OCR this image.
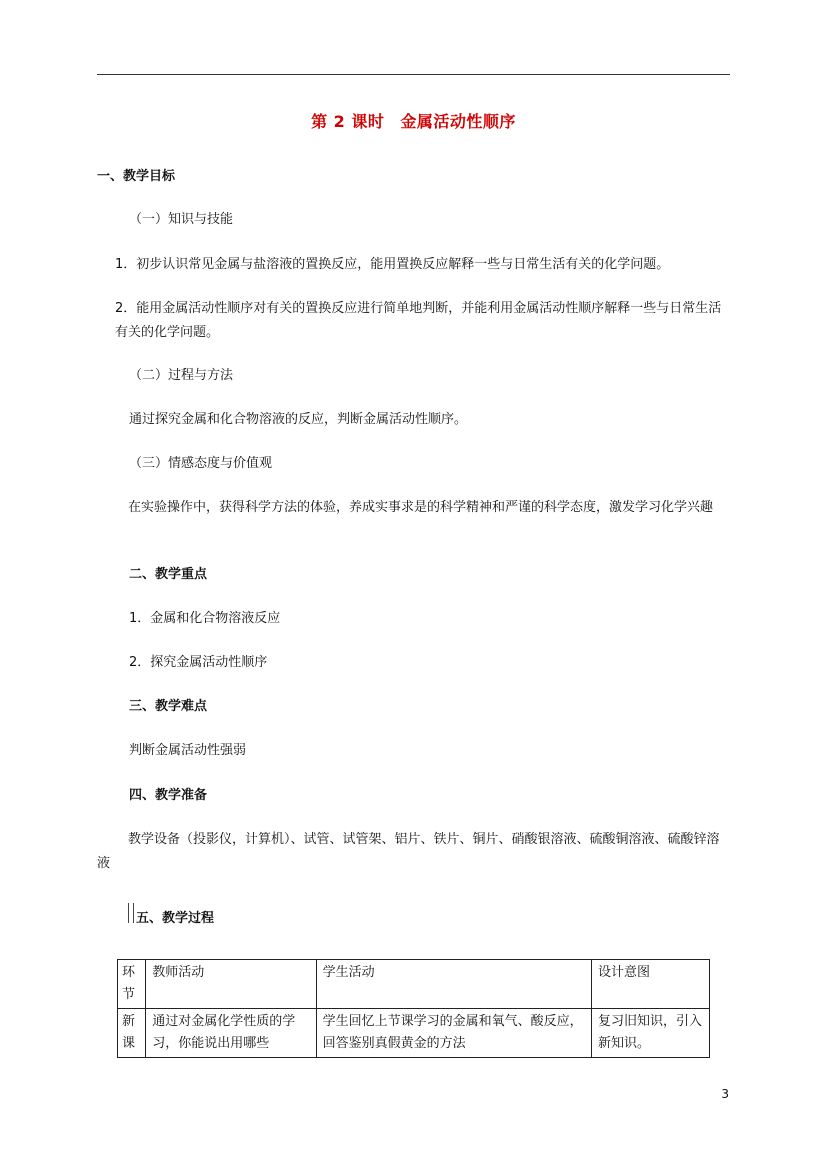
第 2 课时 金属活动性顺序
一、教学目标
（一）知识与技能
1．初步认识常见金属与盐溶液的置换反应，能用置换反应解释一些与日常生活有关的化学问题。
2．能用金属活动性顺序对有关的置换反应进行简单地判断，并能利用金属活动性顺序解释一些与日常生活有关的化学问题。
（二）过程与方法
通过探究金属和化合物溶液的反应，判断金属活动性顺序。
（三）情感态度与价值观
在实验操作中，获得科学方法的体验，养成实事求是的科学精神和严谨的科学态度，激发学习化学兴趣
二、教学重点
1．金属和化合物溶液反应
2．探究金属活动性顺序
三、教学难点
判断金属活动性强弱
四、教学准备
教学设备（投影仪，计算机）、试管、试管架、铝片、铁片、铜片、硝酸银溶液、硫酸铜溶液、硫酸锌溶液
五、教学过程
环节	教师活动	学生活动	设计意图
新课	通过对金属化学性质的学习，你能说出用哪些	学生回忆上节课学习的金属和氧气、酸反应，回答鉴别真假黄金的方法	复习旧知识，引入新知识。
3
